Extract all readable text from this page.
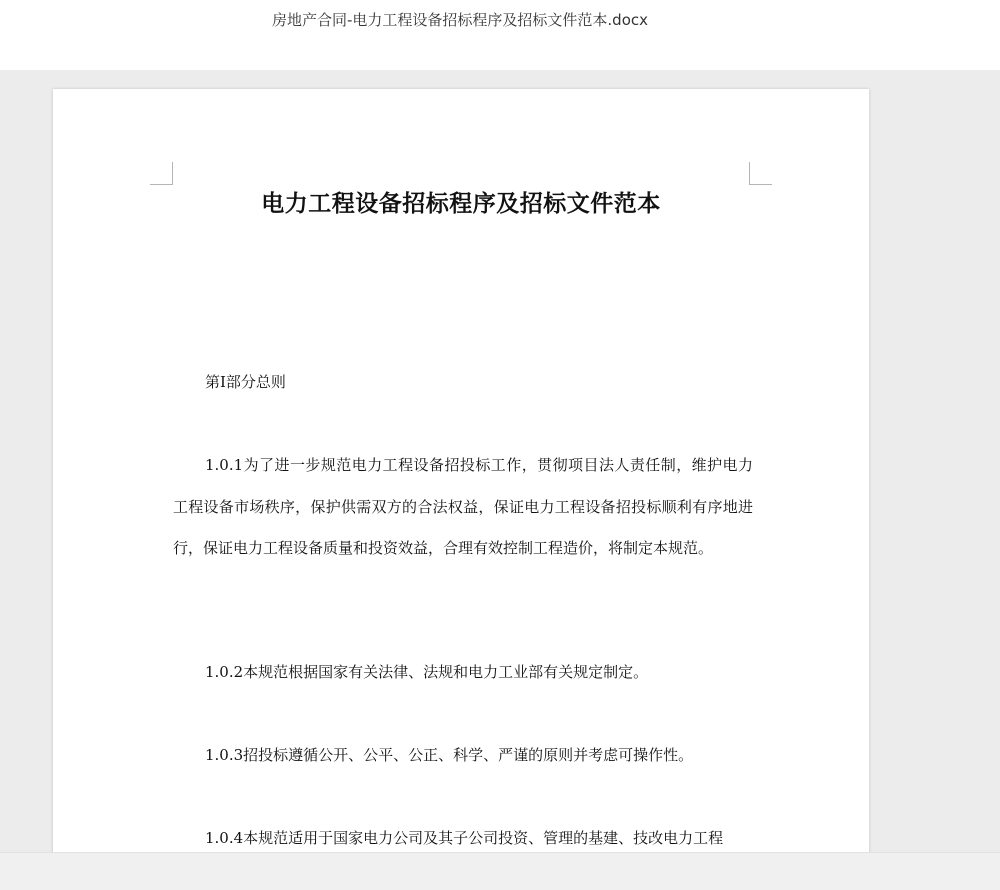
房地产合同-电力工程设备招标程序及招标文件范本.docx
电力工程设备招标程序及招标文件范本
第I部分总则
1.0.1为了进一步规范电力工程设备招投标工作，贯彻项目法人责任制，维护电力工程设备市场秩序，保护供需双方的合法权益，保证电力工程设备招投标顺利有序地进行，保证电力工程设备质量和投资效益，合理有效控制工程造价，将制定本规范。
1.0.2本规范根据国家有关法律、法规和电力工业部有关规定制定。
1.0.3招投标遵循公开、公平、公正、科学、严谨的原则并考虑可操作性。
1.0.4本规范适用于国家电力公司及其子公司投资、管理的基建、技改电力工程
